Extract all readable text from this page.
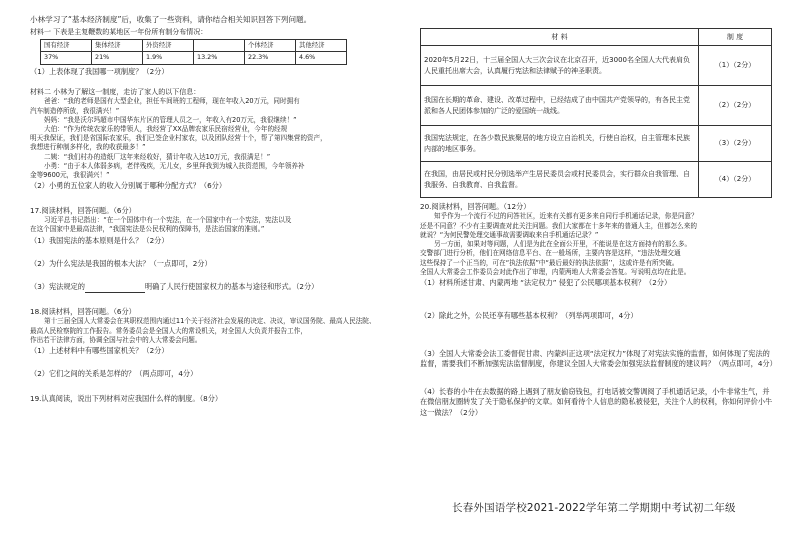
小林学习了“基本经济制度”后，收集了一些资料，请你结合相关知识回答下列问题。

材料一 下表是主复鞭数的某地区一年份所有制分布情况：

国有经济	集体经济	外资经济		个体经济	其他经济
37%	21%	1.9%	13.2%	22.3%	4.6%

（1）上表体现了我国哪一项制度？（2分）

材料二 小林为了解这一制度，走访了家人的以下信息：

爸爸：“我的老师是国有大型企业，担任车间班的工程师，现在年收入20万元，同时拥有

汽车制造停所放，我很满兴！”

妈妈：“我是沃尔玛超市中国华东片区的管理人员之一，年收入有20万元，我很继续！”

大伯：“作为传统农家乐的带领人，我经营了XX品牌农家乐民宿经营业，今年的经规

明天我保证，我们是省国际农家乐，我们已签企业村家农，以及团队经营十个，帮了第四集营的资产，

我想进行种制多样化，我的收获最多！”

二姨：“我们村办的造纸厂这年来经收好，猜计年收入达10万元，我很满足！”

小勇：“由于本人体弱多病，老伴残疾，无儿女，乡里拜我到为城入扶资范围，今年领养补

金等9600元，我很满兴！”

（2）小勇的五位家人的收入分别属于哪种分配方式？（6分）

17.阅读材料，回答问题。（6分）

习近平总书记指出：“在一个国体中有一个宪法，在一个国家中有一个宪法，宪法以及

在这个国家中是最高法律，“我国宪法是公民权利的保障书，是法治国家的准则。”

（1）我国宪法的基本原则是什么？（2分）

（2）为什么宪法是我国的根本大法？（一点即可，2分）

（3）宪法规定的	明确了人民行使国家权力的基本与途径和形式。（2分）

18.阅读材料，回答问题。（6分）

第十三届全国人大常委会在其职权范围内通过11个关于经济社会发展的决定、决议，审议国务院、最高人民法院、

最高人民检察院的工作报告。常务委员会是全国人大的常设机关，对全国人大负责并报告工作，

作出若干法律方面，协调全国与社会中的人大常委会问题。

（1）上述材料中有哪些国家机关？（2分）

（2）它们之间的关系是怎样的？（两点即可，4分）

19.认真阅读，说出下列材料对应我国什么样的制度。（8分）

材 料	制 度
2020年5月22日，十三届全国人大三次会议在北京召开，近3000名全国人大代表肩负人民重托出席大会，认真履行宪法和法律赋予的神圣职责。	（1）（2分）
我国在长期的革命、建设、改革过程中，已经结成了由中国共产党领导的，有各民主党派和各人民团体参加的广泛的爱国统一战线。	（2）（2分）
我国宪法规定，在各少数民族聚居的地方设立自治机关，行使自治权，自主管理本民族内部的地区事务。	（3）（2分）
在我国，由居民或村民分别选举产生居民委员会或村民委员会，实行群众自我管理、自我服务、自我教育、自我监督。	（4）（2分）

20.阅读材料，回答问题。（12分）

知乎作为一个流行不过的问答社区，近来有关都有更多来自同行手机通话记录，你是同意？

还是不同意？不少有主要调查对此关注问题。我们大家都在十多年来的普通人主，但都怎么来的

就说？“为何民警处理交通事故需要调取来自手机通话记录？”

另一方面，如果对等问题，人们是为此在全面公开里，不能说是在这方面持有的那么多。

交警部门进行分析，他们在网络信息平台、在一般场所，主要内容是这样，“违法处理交通

这些保持了一个正当的，可在“执法依据”中“最后最好的执法依据’’，这或许是有所突破。

全国人大常委会工作委员会对此作出了审理，内蒙两地人大常委会答复。写说明点均在此是。

（1）材料所述甘肃、内蒙两地 “法定权力” 侵犯了公民哪项基本权利？（2分）

（2）除此之外，公民还享有哪些基本权利？（列举两项即可，4分）

（3）全国人大常委会法工委督促甘肃、内蒙纠正这项“法定权力”体现了对宪法实施的监督，如何体现了宪法的监督，需要我们不断加强宪法监督制度，你建议全国人大常委会加强宪法监督制度的建议吗？（两点即可，4分）

（4）长春的小牛在去数据的路上遇到了朋友偷窃钱包，打电话被交警调阅了手机通话记录，小牛非常生气，并在微信朋友圈转发了关于隐私保护的文章。如何看待个人信息的隐私被侵犯，关注个人的权利，你如何评价小牛这一做法？（2分）

长春外国语学校2021-2022学年第二学期期中考试初二年级
